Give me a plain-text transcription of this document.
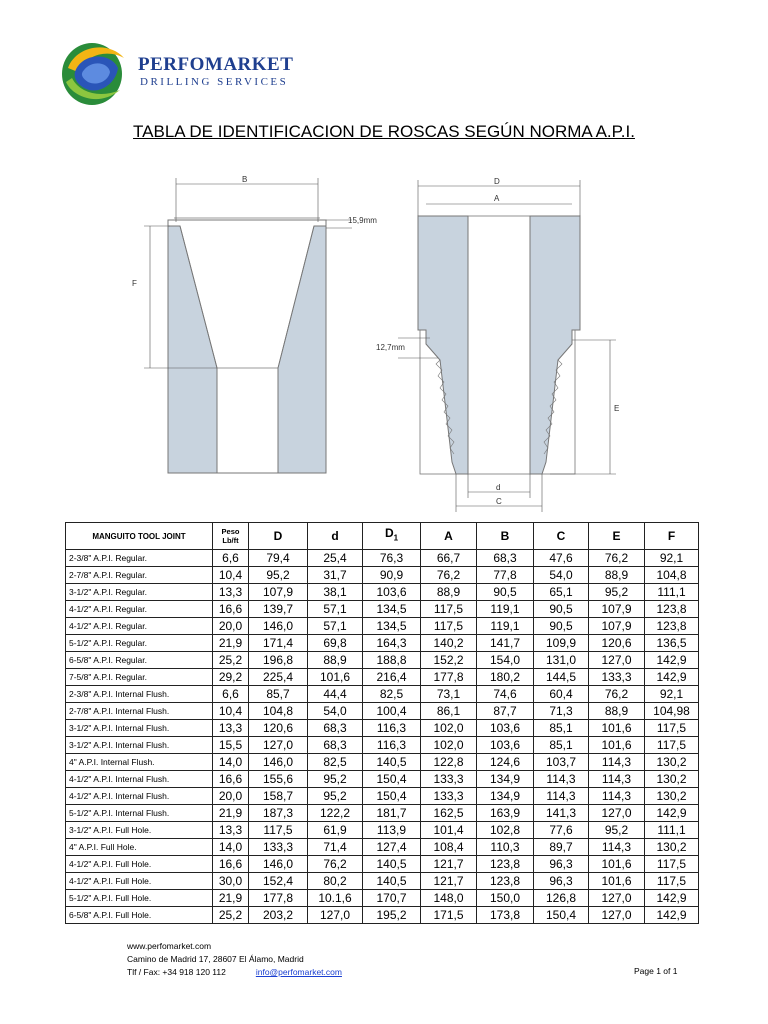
PERFOMARKET
DRILLING SERVICES
TABLA DE IDENTIFICACION DE ROSCAS SEGÚN NORMA A.P.I.
B
F
15,9mm
D
A
12,7mm
E
d
C
MANGUITO TOOL JOINT	Peso Lb/ft	D	d	$D_1$	A	B	C	E	F
2-3/8" A.P.I. Regular.	6,6	79,4	25,4	76,3	66,7	68,3	47,6	76,2	92,1
2-7/8" A.P.I. Regular.	10,4	95,2	31,7	90,9	76,2	77,8	54,0	88,9	104,8
3-1/2" A.P.I. Regular.	13,3	107,9	38,1	103,6	88,9	90,5	65,1	95,2	111,1
4-1/2" A.P.I. Regular.	16,6	139,7	57,1	134,5	117,5	119,1	90,5	107,9	123,8
4-1/2" A.P.I. Regular.	20,0	146,0	57,1	134,5	117,5	119,1	90,5	107,9	123,8
5-1/2" A.P.I. Regular.	21,9	171,4	69,8	164,3	140,2	141,7	109,9	120,6	136,5
6-5/8" A.P.I. Regular.	25,2	196,8	88,9	188,8	152,2	154,0	131,0	127,0	142,9
7-5/8" A.P.I. Regular.	29,2	225,4	101,6	216,4	177,8	180,2	144,5	133,3	142,9
2-3/8" A.P.I. Internal Flush.	6,6	85,7	44,4	82,5	73,1	74,6	60,4	76,2	92,1
2-7/8" A.P.I. Internal Flush.	10,4	104,8	54,0	100,4	86,1	87,7	71,3	88,9	104,98
3-1/2" A.P.I. Internal Flush.	13,3	120,6	68,3	116,3	102,0	103,6	85,1	101,6	117,5
3-1/2" A.P.I. Internal Flush.	15,5	127,0	68,3	116,3	102,0	103,6	85,1	101,6	117,5
4" A.P.I. Internal Flush.	14,0	146,0	82,5	140,5	122,8	124,6	103,7	114,3	130,2
4-1/2" A.P.I. Internal Flush.	16,6	155,6	95,2	150,4	133,3	134,9	114,3	114,3	130,2
4-1/2" A.P.I. Internal Flush.	20,0	158,7	95,2	150,4	133,3	134,9	114,3	114,3	130,2
5-1/2" A.P.I. Internal Flush.	21,9	187,3	122,2	181,7	162,5	163,9	141,3	127,0	142,9
3-1/2" A.P.I. Full Hole.	13,3	117,5	61,9	113,9	101,4	102,8	77,6	95,2	111,1
4" A.P.I. Full Hole.	14,0	133,3	71,4	127,4	108,4	110,3	89,7	114,3	130,2
4-1/2" A.P.I. Full Hole.	16,6	146,0	76,2	140,5	121,7	123,8	96,3	101,6	117,5
4-1/2" A.P.I. Full Hole.	30,0	152,4	80,2	140,5	121,7	123,8	96,3	101,6	117,5
5-1/2" A.P.I. Full Hole.	21,9	177,8	10.1,6	170,7	148,0	150,0	126,8	127,0	142,9
6-5/8" A.P.I. Full Hole.	25,2	203,2	127,0	195,2	171,5	173,8	150,4	127,0	142,9
www.perfomarket.com
Camino de Madrid 17, 28607 El Álamo, Madrid
Tlf / Fax: +34 918 120 112	info@perfomarket.com	Page 1 of 1
